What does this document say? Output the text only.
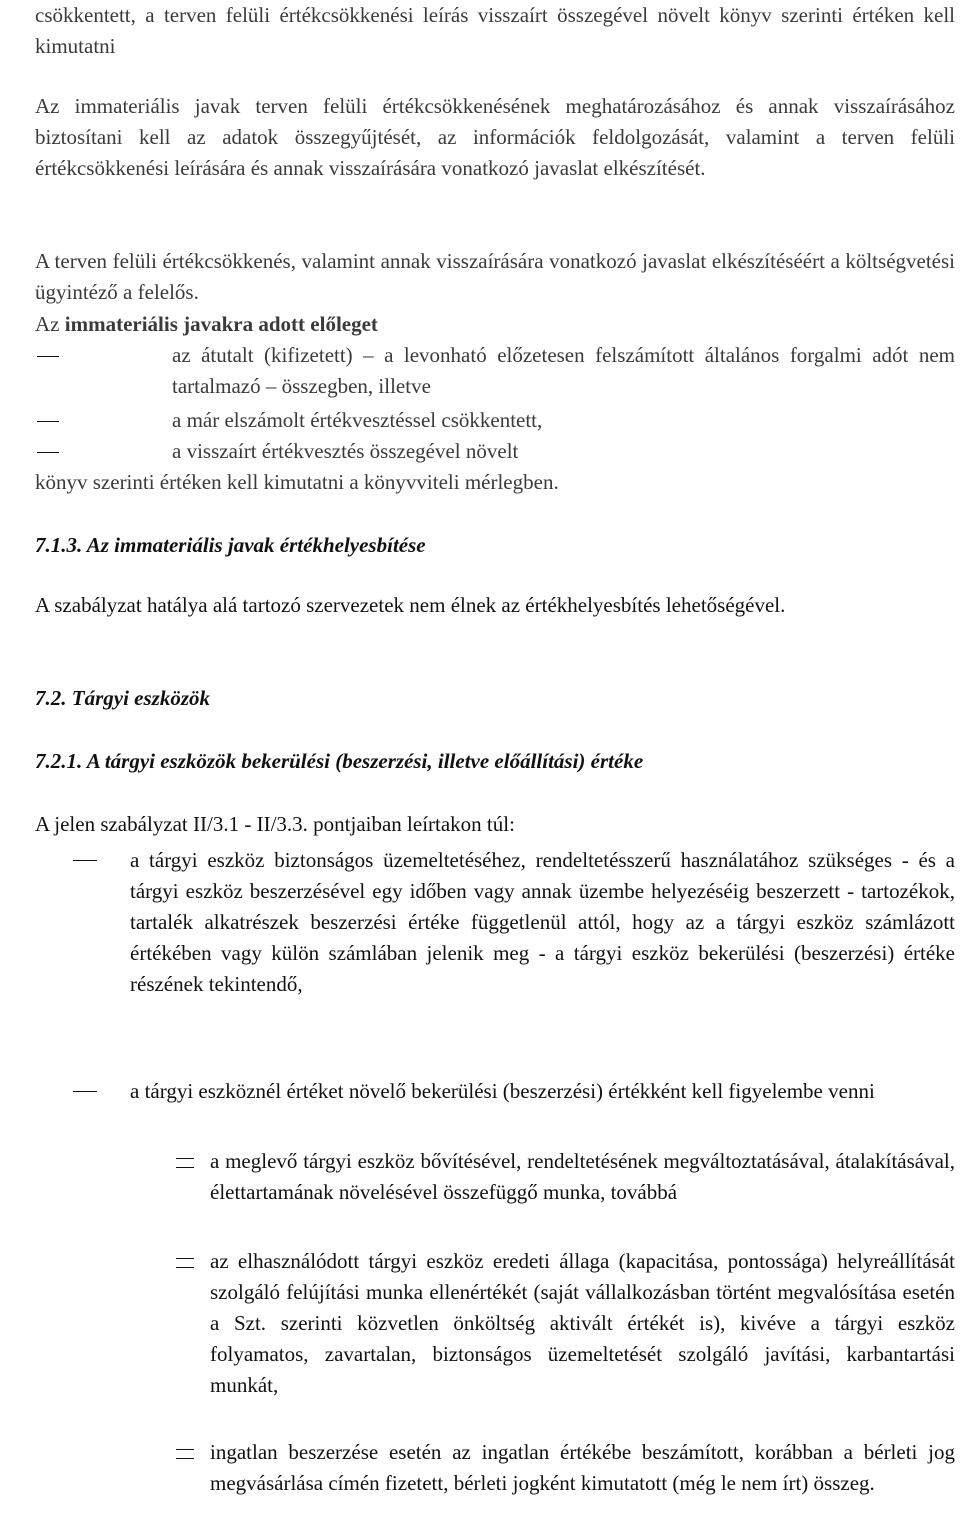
csökkentett, a terven felüli értékcsökkenési leírás visszaírt összegével növelt könyv szerinti értéken kell kimutatni

Az immateriális javak terven felüli értékcsökkenésének meghatározásához és annak visszaírásához biztosítani kell az adatok összegyűjtését, az információk feldolgozását, valamint a terven felüli értékcsökkenési leírására és annak visszaírására vonatkozó javaslat elkészítését.

A terven felüli értékcsökkenés, valamint annak visszaírására vonatkozó javaslat elkészítéséért a költségvetési ügyintéző a felelős.

Az immateriális javakra adott előleget

az átutalt (kifizetett) – a levonható előzetesen felszámított általános forgalmi adót nem tartalmazó – összegben, illetve

a már elszámolt értékvesztéssel csökkentett,

a visszaírt értékvesztés összegével növelt

könyv szerinti értéken kell kimutatni a könyvviteli mérlegben.

7.1.3. Az immateriális javak értékhelyesbítése

A szabályzat hatálya alá tartozó szervezetek nem élnek az értékhelyesbítés lehetőségével.

7.2. Tárgyi eszközök

7.2.1. A tárgyi eszközök bekerülési (beszerzési, illetve előállítási) értéke

A jelen szabályzat II/3.1 - II/3.3. pontjaiban leírtakon túl:

a tárgyi eszköz biztonságos üzemeltetéséhez, rendeltetésszerű használatához szükséges - és a tárgyi eszköz beszerzésével egy időben vagy annak üzembe helyezéséig beszerzett - tartozékok, tartalék alkatrészek beszerzési értéke függetlenül attól, hogy az a tárgyi eszköz számlázott értékében vagy külön számlában jelenik meg - a tárgyi eszköz bekerülési (beszerzési) értéke részének tekintendő,

a tárgyi eszköznél értéket növelő bekerülési (beszerzési) értékként kell figyelembe venni

a meglevő tárgyi eszköz bővítésével, rendeltetésének megváltoztatásával, átalakításával, élettartamának növelésével összefüggő munka, továbbá

az elhasználódott tárgyi eszköz eredeti állaga (kapacitása, pontossága) helyreállítását szolgáló felújítási munka ellenértékét (saját vállalkozásban történt megvalósítása esetén a Szt. szerinti közvetlen önköltség aktivált értékét is), kivéve a tárgyi eszköz folyamatos, zavartalan, biztonságos üzemeltetését szolgáló javítási, karbantartási munkát,

ingatlan beszerzése esetén az ingatlan értékébe beszámított, korábban a bérleti jog megvásárlása címén fizetett, bérleti jogként kimutatott (még le nem írt) összeg.
